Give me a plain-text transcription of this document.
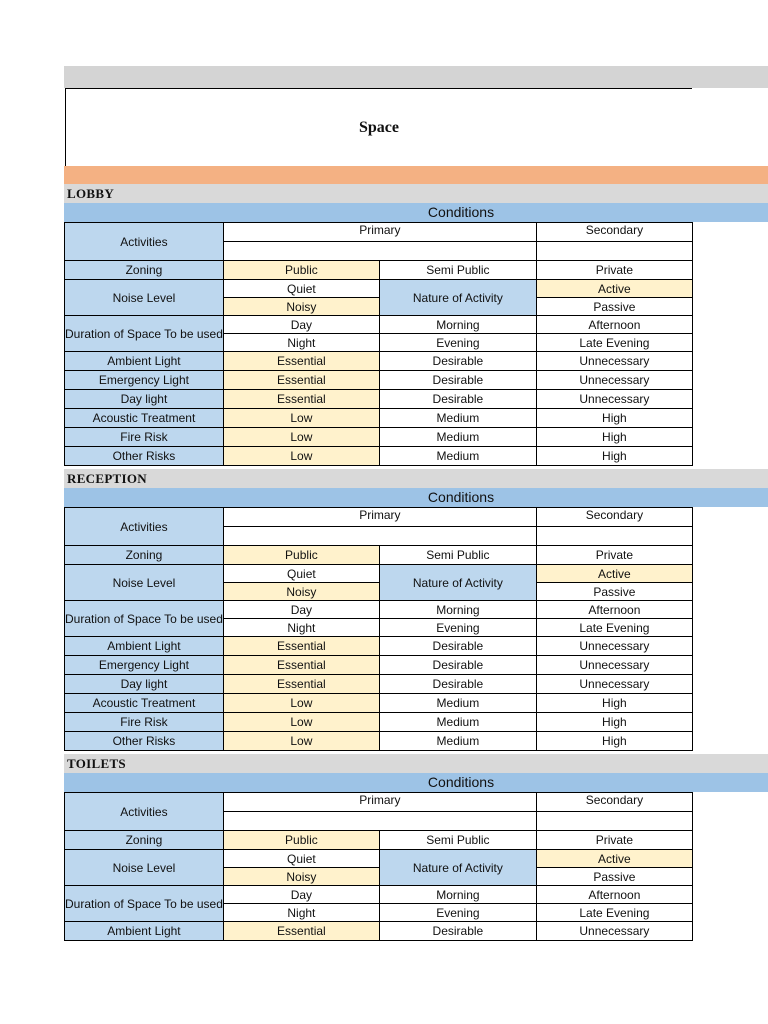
Space
LOBBY
Conditions
Activities	Primary		Secondary

Zoning	Public	Semi Public	Private
Noise Level	Quiet	Nature of Activity	Active
	Noisy		Passive
Duration of Space To be used	Day	Morning	Afternoon
	Night	Evening	Late Evening
Ambient Light	Essential	Desirable	Unnecessary
Emergency Light	Essential	Desirable	Unnecessary
Day light	Essential	Desirable	Unnecessary
Acoustic Treatment	Low	Medium	High
Fire Risk	Low	Medium	High
Other Risks	Low	Medium	High
RECEPTION
Conditions
Activities	Primary		Secondary

Zoning	Public	Semi Public	Private
Noise Level	Quiet	Nature of Activity	Active
	Noisy		Passive
Duration of Space To be used	Day	Morning	Afternoon
	Night	Evening	Late Evening
Ambient Light	Essential	Desirable	Unnecessary
Emergency Light	Essential	Desirable	Unnecessary
Day light	Essential	Desirable	Unnecessary
Acoustic Treatment	Low	Medium	High
Fire Risk	Low	Medium	High
Other Risks	Low	Medium	High
TOILETS
Conditions
Activities	Primary		Secondary

Zoning	Public	Semi Public	Private
Noise Level	Quiet	Nature of Activity	Active
	Noisy		Passive
Duration of Space To be used	Day	Morning	Afternoon
	Night	Evening	Late Evening
Ambient Light	Essential	Desirable	Unnecessary
